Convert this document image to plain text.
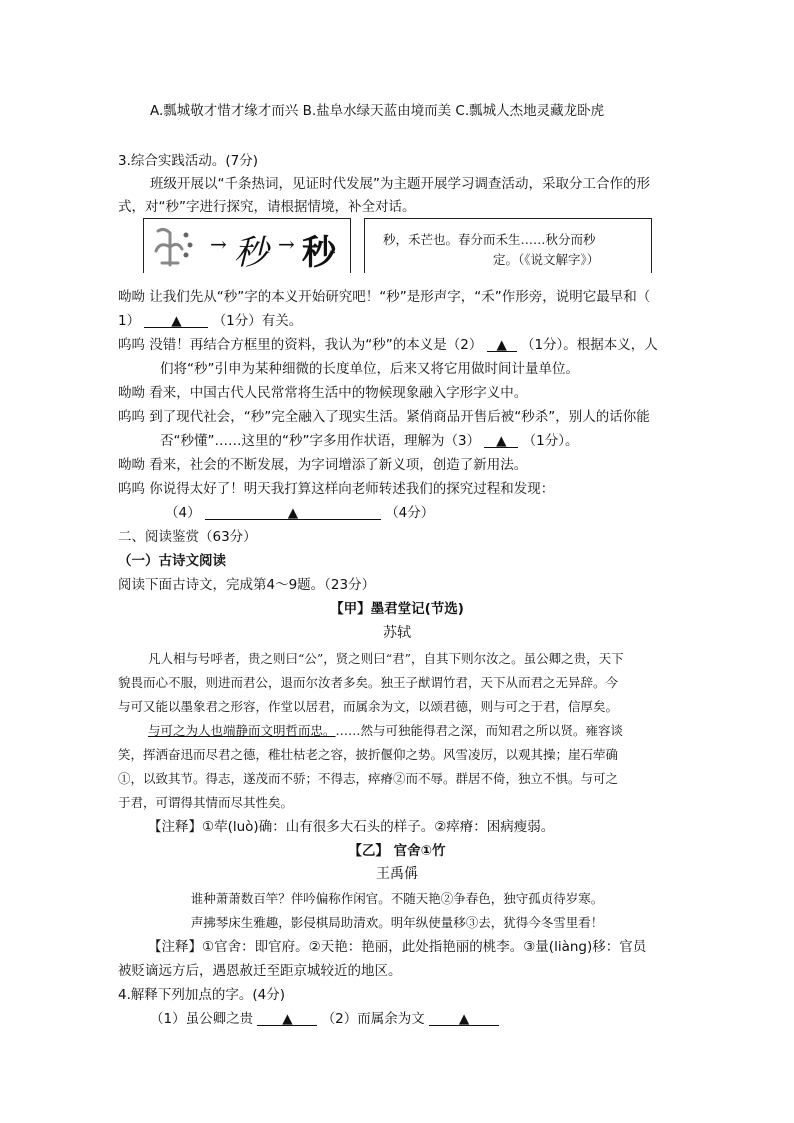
A.瓢城敬才惜才缘才而兴 B.盐阜水绿天蓝由境而美 C.瓢城人杰地灵藏龙卧虎
3.综合实践活动。(7分)
班级开展以“千条热词，见证时代发展”为主题开展学习调查活动，采取分工合作的形
式，对“秒”字进行探究，请根据情境，补全对话。
→ 秒 → 秒	秒，禾芒也。春分而禾生……秋分而秒
定。（《说文解字》）
呦呦 让我们先从“秒”字的本义开始研究吧！“秒”是形声字，“禾”作形旁，说明它最早和（
1） ▲ （1分）有关。
呜呜 没错！再结合方框里的资料，我认为“秒”的本义是（2） ▲ （1分）。根据本义，人
们将“秒”引申为某种细微的长度单位，后来又将它用做时间计量单位。
呦呦 看来，中国古代人民常常将生活中的物候现象融入字形字义中。
呜呜 到了现代社会，“秒”完全融入了现实生活。紧俏商品开售后被“秒杀”，别人的话你能
否“秒懂”……这里的“秒”字多用作状语，理解为（3） ▲ （1分）。
呦呦 看来，社会的不断发展，为字词增添了新义项，创造了新用法。
呜呜 你说得太好了！明天我打算这样向老师转述我们的探究过程和发现：
（4）	▲	（4分）
二、阅读鉴赏（63分）
（一）古诗文阅读
阅读下面古诗文，完成第4～9题。（23分）
【甲】墨君堂记(节选)
苏轼
凡人相与号呼者，贵之则曰“公”，贤之则曰“君”，自其下则尔汝之。虽公卿之贵，天下
貌畏而心不服，则进而君公，退而尔汝者多矣。独王子猷谓竹君，天下从而君之无异辞。今
与可又能以墨象君之形容，作堂以居君，而属余为文，以颂君德，则与可之于君，信厚矣。
与可之为人也端静而文明哲而忠。……然与可独能得君之深，而知君之所以贤。雍容谈
笑，挥洒奋迅而尽君之德，稚壮枯老之容，披折偃仰之势。风雪凌厉，以观其操；崖石荦确
①，以致其节。得志，遂茂而不骄；不得志，瘁瘠②而不辱。群居不倚，独立不惧。与可之
于君，可谓得其情而尽其性矣。
【注释】①荦(luò)确：山有很多大石头的样子。②瘁瘠：困病瘦弱。
【乙】 官舍①竹
王禹偁
谁种萧萧数百竿？伴吟偏称作闲官。不随天艳②争春色，独守孤贞待岁寒。
声拂琴床生雅趣，影侵棋局助清欢。明年纵使量移③去，犹得今冬雪里看！
【注释】①官舍：即官府。②天艳：艳丽，此处指艳丽的桃李。③量(liàng)移：官员
被贬谪远方后，遇恩赦迁至距京城较近的地区。
4.解释下列加点的字。(4分)
（1）虽公卿之贵 ▲ （2）而属余为文	▲
